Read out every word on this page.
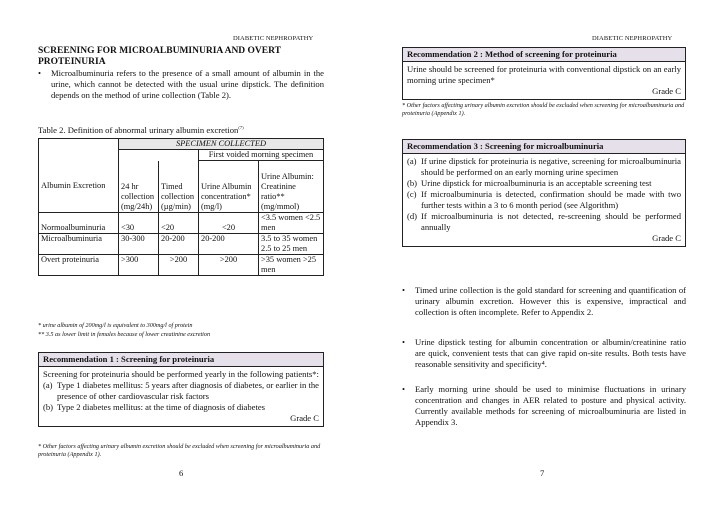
DIABETIC NEPHROPATHY
SCREENING FOR MICROALBUMINURIA AND OVERT PROTEINURIA
• Microalbuminuria refers to the presence of a small amount of albumin in the urine, which cannot be detected with the usual urine dipstick. The definition depends on the method of urine collection (Table 2).
Table 2. Definition of abnormal urinary albumin excretion$^{(7)}$
	SPECIMEN COLLECTED			
			First voided morning specimen	
Albumin Excretion	24 hr collection (mg/24h)	Timed collection (µg/min)	Urine Albumin concentration* (mg/l)	Urine Albumin: Creatinine ratio** (mg/mmol)
Normoalbuminuria	<30	<20	<20	<3.5 women <2.5 men
Microalbuminuria	30-300	20-200	20-200	3.5 to 35 women 2.5 to 25 men
Overt proteinuria	>300	>200	>200	>35 women >25 men
* urine albumin of 200mg/l is equivalent to 300mg/l of protein
** 3.5 as lower limit in females because of lower creatinine excretion
Recommendation 1 : Screening for proteinuria
Screening for proteinuria should be performed yearly in the following patients*:
(a) Type 1 diabetes mellitus: 5 years after diagnosis of diabetes, or earlier in the presence of other cardiovascular risk factors
(b) Type 2 diabetes mellitus: at the time of diagnosis of diabetes
Grade C
* Other factors affecting urinary albumin excretion should be excluded when screening for microalbuminuria and proteinuria (Appendix 1).
6
DIABETIC NEPHROPATHY
Recommendation 2 : Method of screening for proteinuria
Urine should be screened for proteinuria with conventional dipstick on an early morning urine specimen*
Grade C
* Other factors affecting urinary albumin excretion should be excluded when screening for microalbuminuria and proteinuria (Appendix 1).
Recommendation 3 : Screening for microalbuminuria
(a) If urine dipstick for proteinuria is negative, screening for microalbuminuria should be performed on an early morning urine specimen
(b) Urine dipstick for microalbuminuria is an acceptable screening test
(c) If microalbuminuria is detected, confirmation should be made with two further tests within a 3 to 6 month period (see Algorithm)
(d) If microalbuminuria is not detected, re-screening should be performed annually
Grade C
• Timed urine collection is the gold standard for screening and quantification of urinary albumin excretion. However this is expensive, impractical and collection is often incomplete. Refer to Appendix 2.
• Urine dipstick testing for albumin concentration or albumin/creatinine ratio are quick, convenient tests that can give rapid on-site results. Both tests have reasonable sensitivity and specificity⁴.
• Early morning urine should be used to minimise fluctuations in urinary concentration and changes in AER related to posture and physical activity. Currently available methods for screening of microalbuminuria are listed in Appendix 3.
7
